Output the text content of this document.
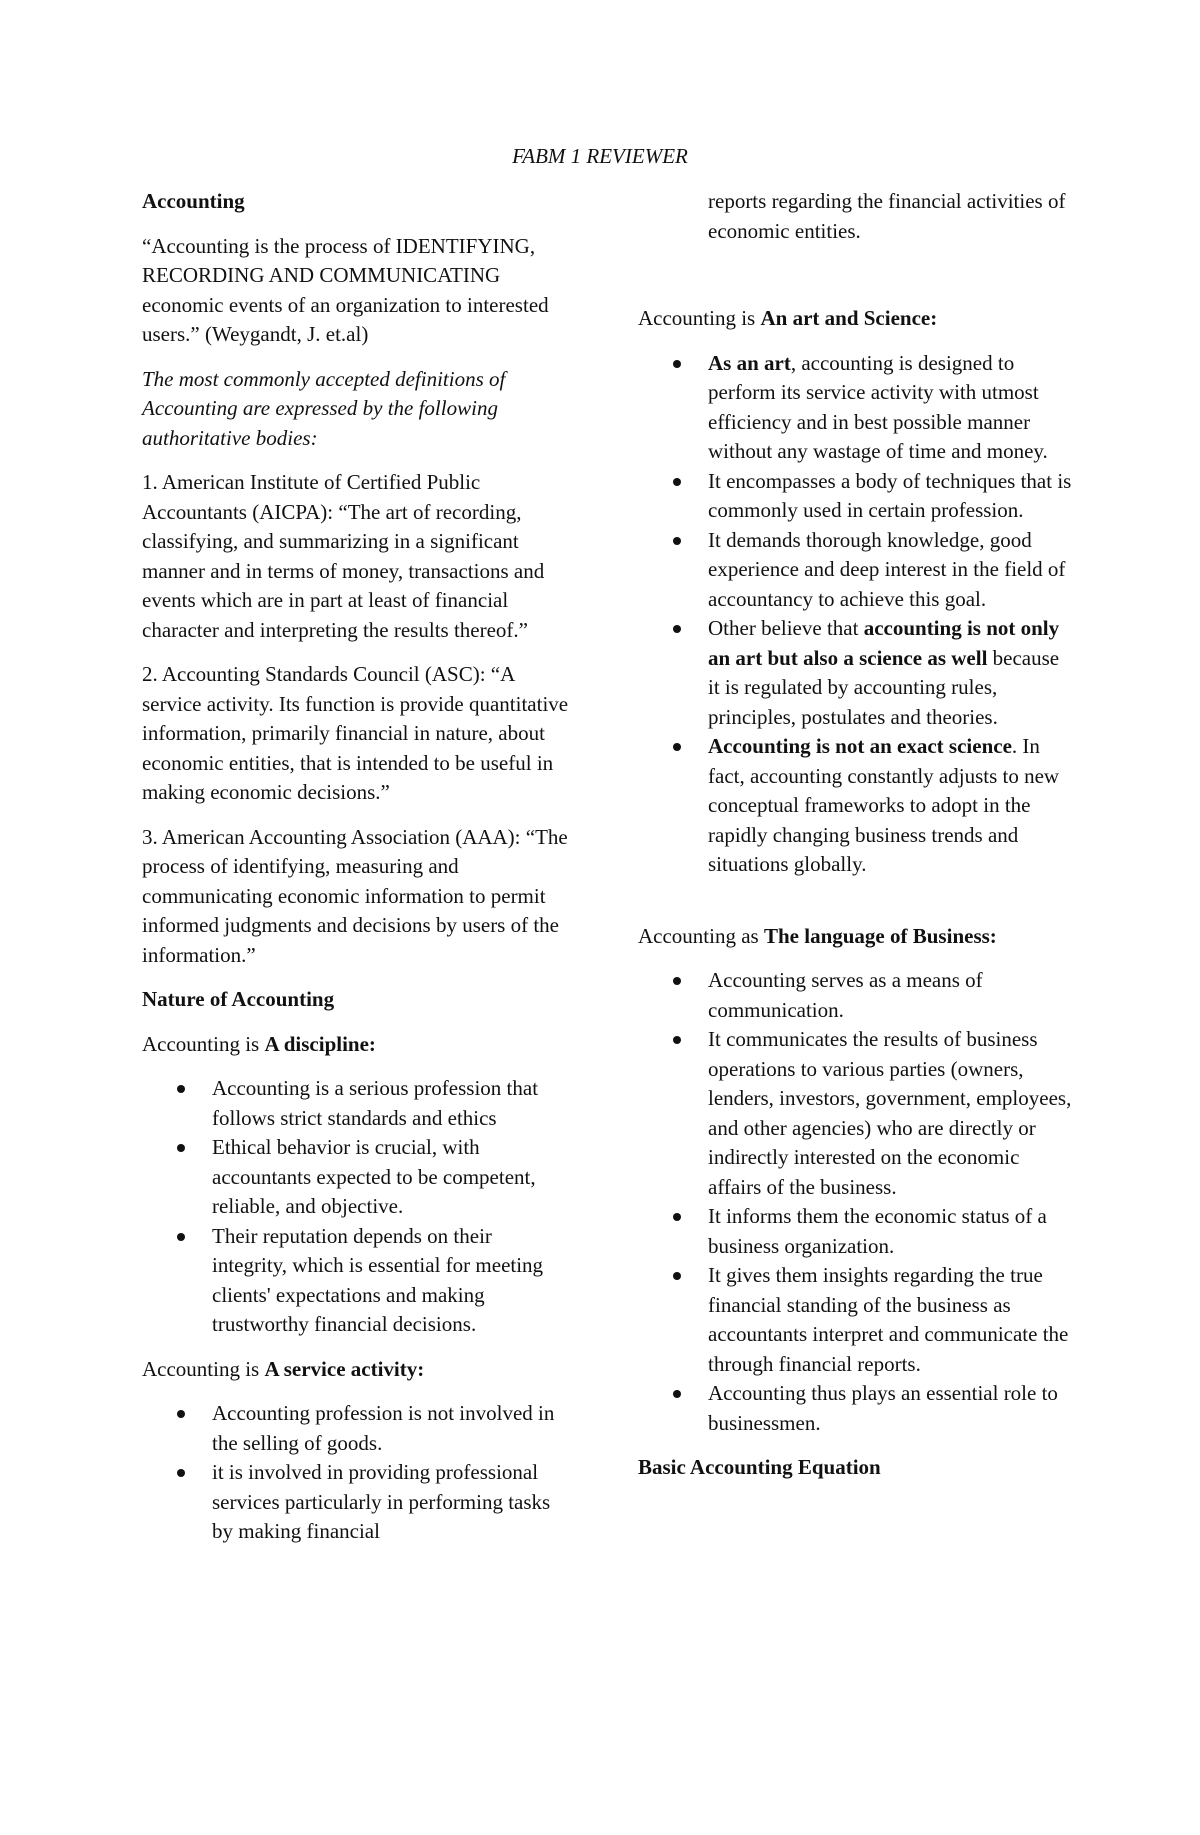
FABM 1 REVIEWER

Accounting

“Accounting is the process of IDENTIFYING, RECORDING AND COMMUNICATING economic events of an organization to interested users.” (Weygandt, J. et.al)

The most commonly accepted definitions of Accounting are expressed by the following authoritative bodies:

1. American Institute of Certified Public Accountants (AICPA): “The art of recording, classifying, and summarizing in a significant manner and in terms of money, transactions and events which are in part at least of financial character and interpreting the results thereof.”

2. Accounting Standards Council (ASC): “A service activity. Its function is provide quantitative information, primarily financial in nature, about economic entities, that is intended to be useful in making economic decisions.”

3. American Accounting Association (AAA): “The process of identifying, measuring and communicating economic information to permit informed judgments and decisions by users of the information.”

Nature of Accounting

Accounting is A discipline:

Accounting is a serious profession that follows strict standards and ethics
Ethical behavior is crucial, with accountants expected to be competent, reliable, and objective.
Their reputation depends on their integrity, which is essential for meeting clients' expectations and making trustworthy financial decisions.

Accounting is A service activity:

Accounting profession is not involved in the selling of goods.
it is involved in providing professional services particularly in performing tasks by making financial

reports regarding the financial activities of economic entities.

Accounting is An art and Science:

As an art, accounting is designed to perform its service activity with utmost efficiency and in best possible manner without any wastage of time and money.
It encompasses a body of techniques that is commonly used in certain profession.
It demands thorough knowledge, good experience and deep interest in the field of accountancy to achieve this goal.
Other believe that accounting is not only an art but also a science as well because it is regulated by accounting rules, principles, postulates and theories.
Accounting is not an exact science. In fact, accounting constantly adjusts to new conceptual frameworks to adopt in the rapidly changing business trends and situations globally.

Accounting as The language of Business:

Accounting serves as a means of communication.
It communicates the results of business operations to various parties (owners, lenders, investors, government, employees, and other agencies) who are directly or indirectly interested on the economic affairs of the business.
It informs them the economic status of a business organization.
It gives them insights regarding the true financial standing of the business as accountants interpret and communicate the through financial reports.
Accounting thus plays an essential role to businessmen.

Basic Accounting Equation
